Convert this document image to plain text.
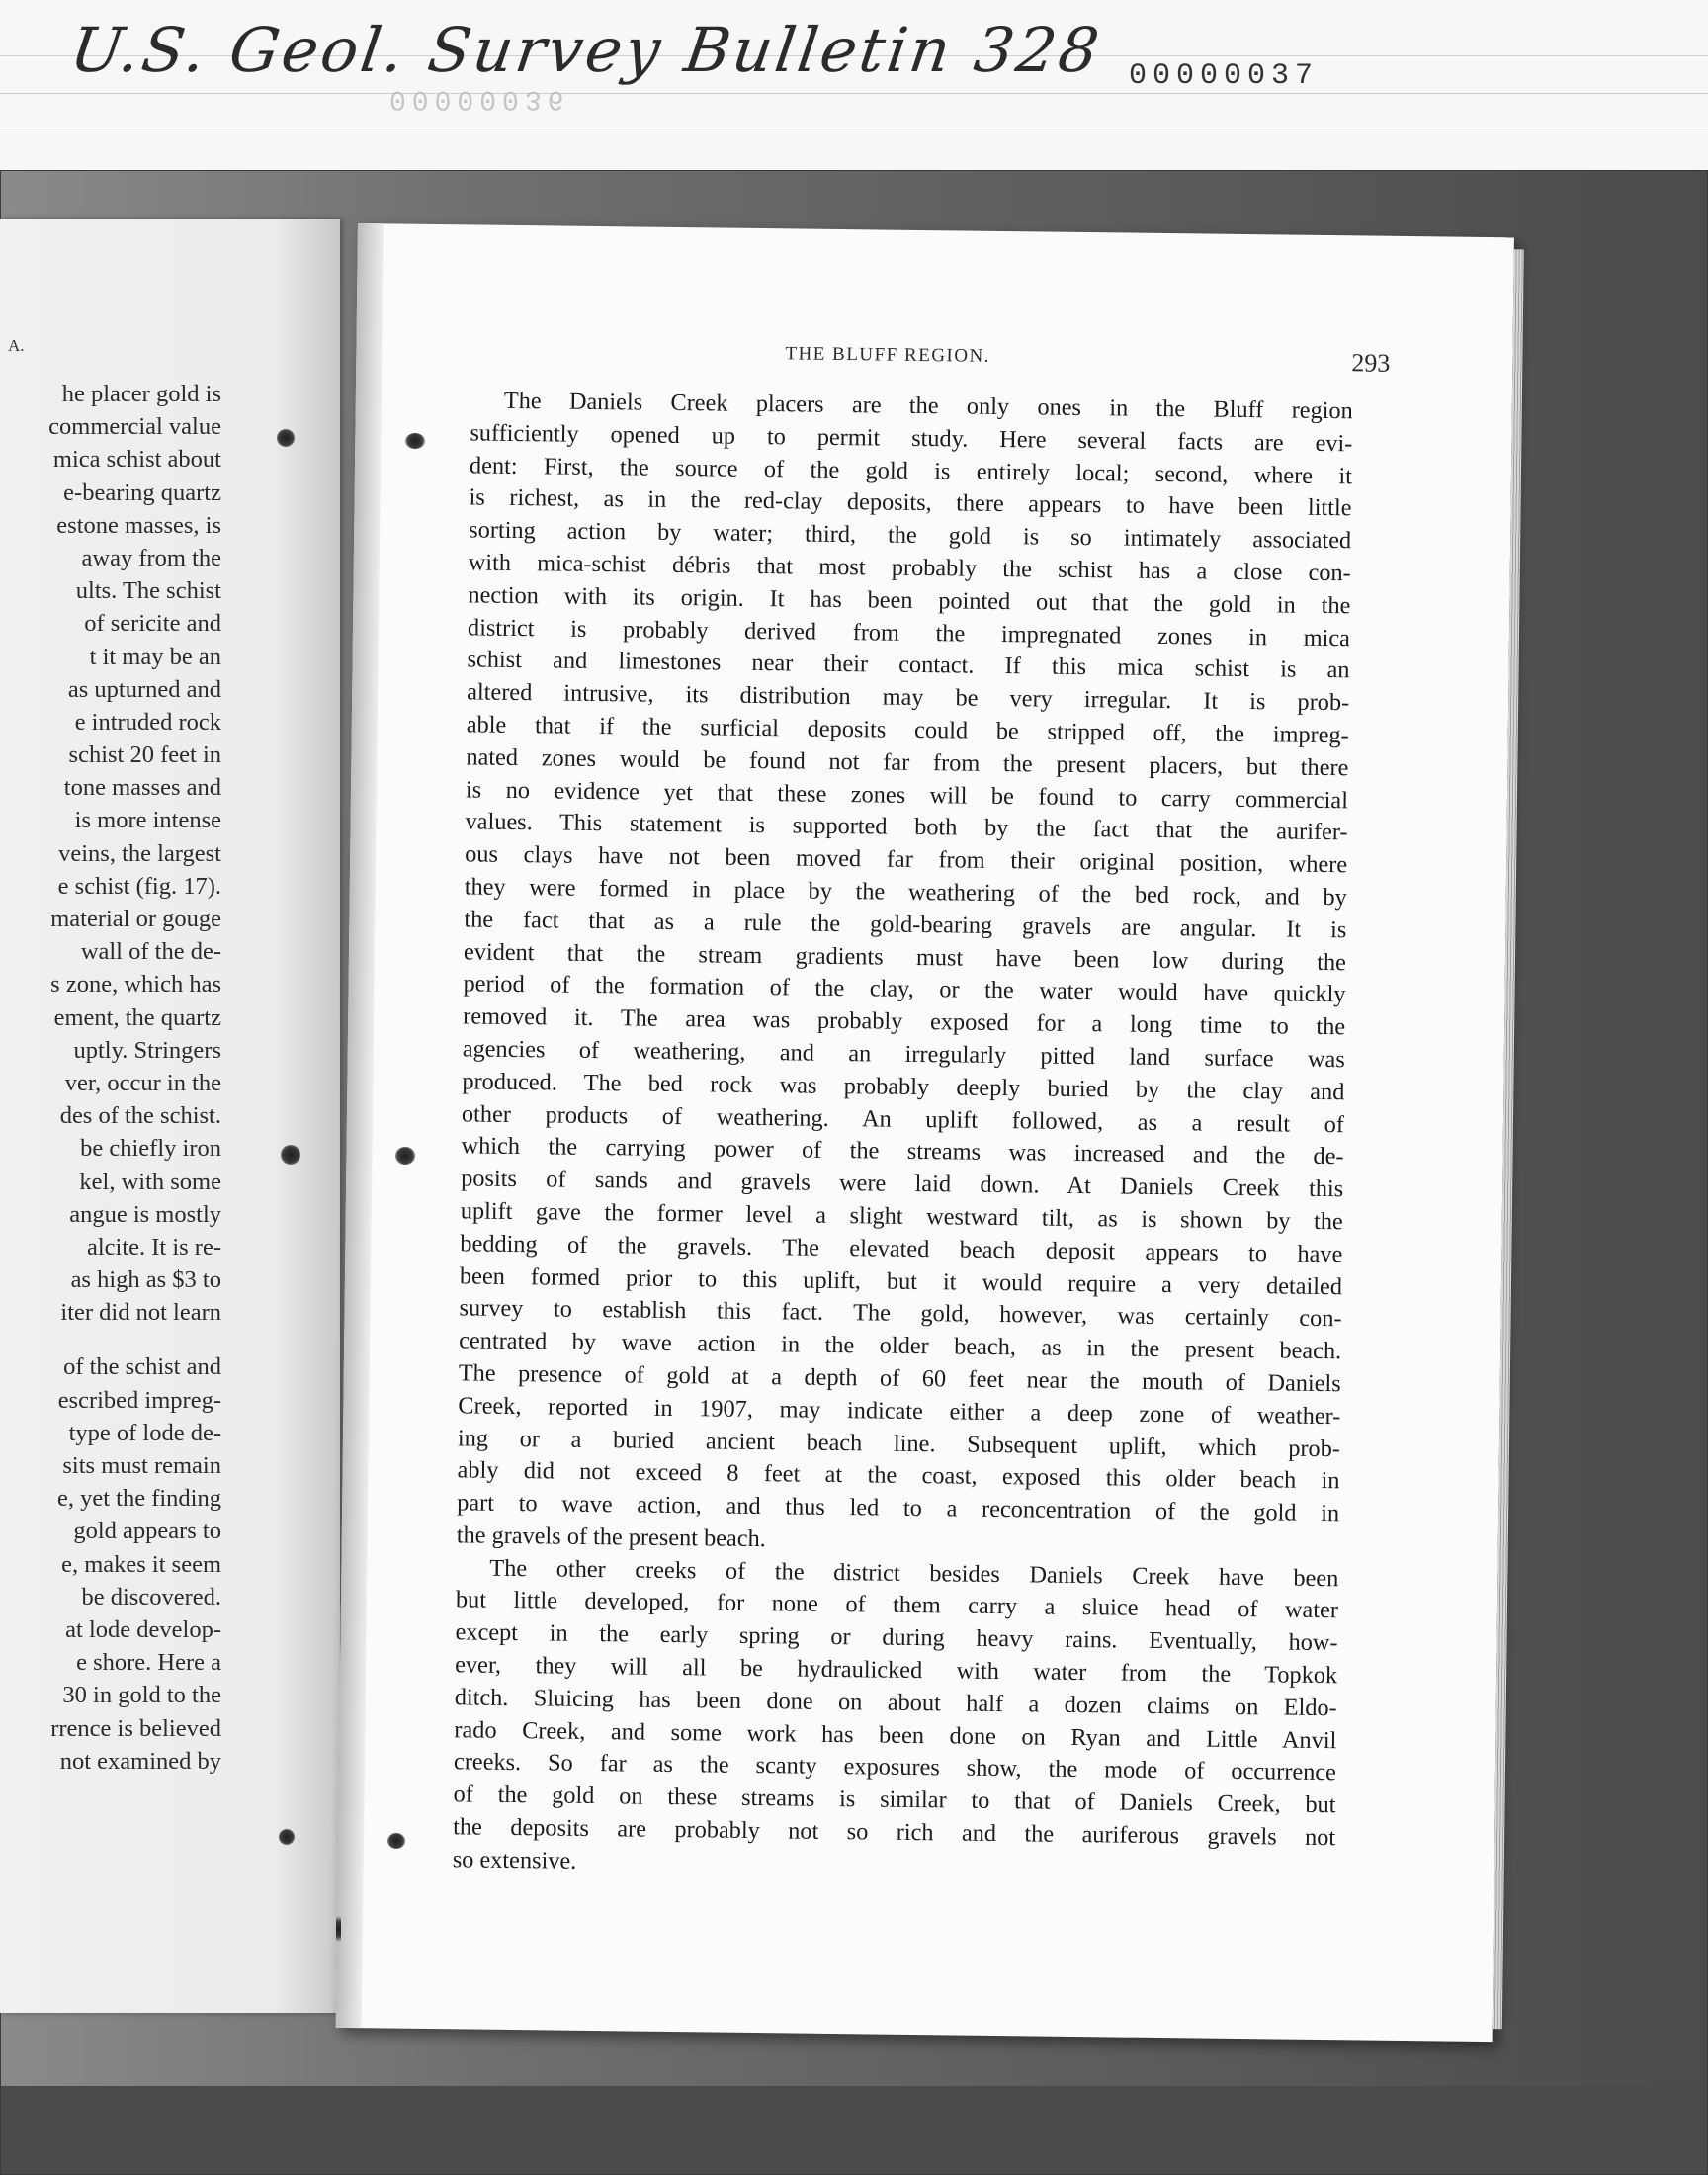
U.S. Geol. Survey Bulletin 328
00000036
00000037
A.
he placer gold is
commercial value
mica schist about
e-bearing quartz
estone masses, is
away from the
ults. The schist
of sericite and
t it may be an
as upturned and
e intruded rock
schist 20 feet in
tone masses and
is more intense
veins, the largest
e schist (fig. 17).
material or gouge
wall of the de-
s zone, which has
ement, the quartz
uptly. Stringers
ver, occur in the
des of the schist.
be chiefly iron
kel, with some
angue is mostly
alcite. It is re-
as high as $3 to
iter did not learn
of the schist and
escribed impreg-
type of lode de-
sits must remain
e, yet the finding
gold appears to
e, makes it seem
be discovered.
at lode develop-
e shore. Here a
30 in gold to the
rrence is believed
not examined by
THE BLUFF REGION.	293
The Daniels Creek placers are the only ones in the Bluff region
sufficiently opened up to permit study. Here several facts are evi-
dent: First, the source of the gold is entirely local; second, where it
is richest, as in the red-clay deposits, there appears to have been little
sorting action by water; third, the gold is so intimately associated
with mica-schist débris that most probably the schist has a close con-
nection with its origin. It has been pointed out that the gold in the
district is probably derived from the impregnated zones in mica
schist and limestones near their contact. If this mica schist is an
altered intrusive, its distribution may be very irregular. It is prob-
able that if the surficial deposits could be stripped off, the impreg-
nated zones would be found not far from the present placers, but there
is no evidence yet that these zones will be found to carry commercial
values. This statement is supported both by the fact that the aurifer-
ous clays have not been moved far from their original position, where
they were formed in place by the weathering of the bed rock, and by
the fact that as a rule the gold-bearing gravels are angular. It is
evident that the stream gradients must have been low during the
period of the formation of the clay, or the water would have quickly
removed it. The area was probably exposed for a long time to the
agencies of weathering, and an irregularly pitted land surface was
produced. The bed rock was probably deeply buried by the clay and
other products of weathering. An uplift followed, as a result of
which the carrying power of the streams was increased and the de-
posits of sands and gravels were laid down. At Daniels Creek this
uplift gave the former level a slight westward tilt, as is shown by the
bedding of the gravels. The elevated beach deposit appears to have
been formed prior to this uplift, but it would require a very detailed
survey to establish this fact. The gold, however, was certainly con-
centrated by wave action in the older beach, as in the present beach.
The presence of gold at a depth of 60 feet near the mouth of Daniels
Creek, reported in 1907, may indicate either a deep zone of weather-
ing or a buried ancient beach line. Subsequent uplift, which prob-
ably did not exceed 8 feet at the coast, exposed this older beach in
part to wave action, and thus led to a reconcentration of the gold in
the gravels of the present beach.
The other creeks of the district besides Daniels Creek have been
but little developed, for none of them carry a sluice head of water
except in the early spring or during heavy rains. Eventually, how-
ever, they will all be hydraulicked with water from the Topkok
ditch. Sluicing has been done on about half a dozen claims on Eldo-
rado Creek, and some work has been done on Ryan and Little Anvil
creeks. So far as the scanty exposures show, the mode of occurrence
of the gold on these streams is similar to that of Daniels Creek, but
the deposits are probably not so rich and the auriferous gravels not
so extensive.
